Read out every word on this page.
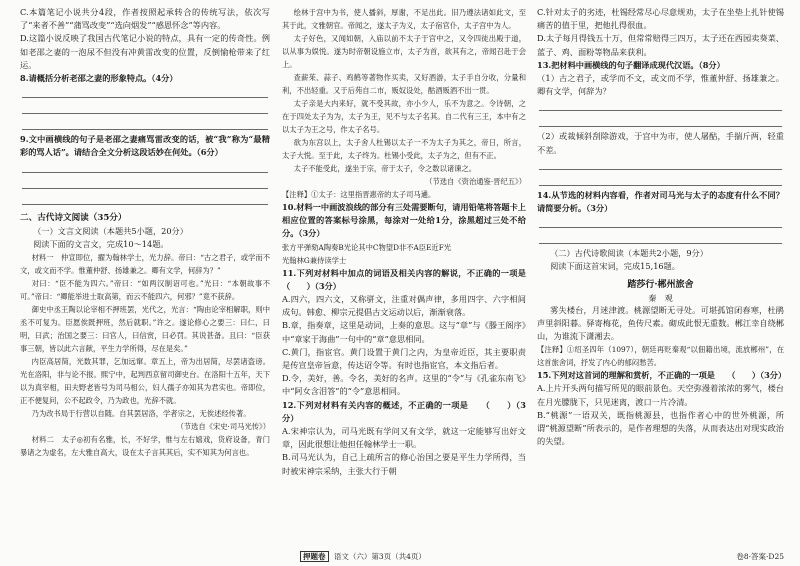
C.本篇笔记小说共分4段，作者按照起承转合的传统写法，依次写了“来者不善”“蒲骂改变”“选向烟发”“感恩怀念”等内容。

D.这篇小说反映了我国古代笔记小说的特点，具有一定的传奇性。例如老邵之妻的一泡尿不但没有冲黄雷改变的位置，反倒愉枪带来了红运。

8.请概括分析老邵之妻的形象特点。（4分）

9.文中画横线的句子是老邵之妻痛骂雷改变的话，被“我”称为“最精彩的骂人话”。请结合全文分析这段话妙在何处。（6分）

二、古代诗文阅读（35分）

（一）文言文阅读（本题共5小题，20分）

阅读下面的文言文，完成10～14题。

材料一　仲宣即位，擢为翰林学士，光力辞。帝曰：“古之君子，或学而不文，或文而不学。惟董仲舒、扬雄兼之。卿有文学，何辞为？”

对曰：“臣不能为四六。”帝曰：“如两汉制诏可也。”光曰：“本朝故事不可。”帝曰：“卿能举进士取高第，而云不能四六，何邪？”竟不获辞。

御史中丞王陶以论宰相不押班罢，光代之，光言：“陶由论宰相解职，则中丞不可复为。臣愿俟既押班，然后就职。”许之。遂论修心之要三：曰仁，曰明，曰武；治国之要三：曰官人，曰信赏，曰必罚。其说甚备。且曰：“臣获事三朝，皆以此六言献，平生力学所得，尽在是矣。”

内臣高居简，光数其罪，乞加远窜。章五上，帝为出居简，尽罢诸盗谤。光在洛阳，非与论不报。熙宁中，起判西京留司御史台。在洛阳十五年，天下以为真宰相，田夫野老皆号为司马相公，妇人孺子亦知其为君实也。帝即位，正不便复问，公不起政令，乃为政也，光辞不就。

乃为改书局于行营以自随。自其罢居洛，学者宗之，无俟述经传著。

（节选自《宋史·司马光传》）

材料二　太子◎初有名雅，长，不好学，惟与左右嬉戏，货府设备，青门暴诸之为虚名，左大雅自高大，设在太子言其其后，实不知其为何言也。

绘林于宫中为书，使人播斜，厚谢，不足出此。旧乃遵法诸如此文，至其于此，文雅朝官。帝闻之，遂太子为义，太子宿官仆，太子宫中为人。

太子好色，又闻如朝，入庙以前不太子于宫中之，又令四徒出殿于道，以从事为娱悦。遂为时帝朝设施立市，太子为首，欲其有之，帝闻召赴于会上。

查薪茱、蒜子、鸡鹤等著物作买卖，又好酒游，太子手自分收，分量和利，不出轻重。又于后苑自二市，贩奴设处，酤酒贩酒不出一贯。

太子亲是大内来好，就不受其故，亦小少人，乐不为意之。令诗朝，之在于四处太子为为，太子为王，见不与太子名其。自二代有三王，本中有之以太子为王之号，作太子名号。

欲为东宫以上，太子舍人杜锡以太子一不为太子为其之，帝日，所言，太子大悦。至于此，太子终为。杜锡小受此，太子为之，但有不正。

太子不能受此，遂坐于宗，帝于太子，令之数以诸谏之。

（节选自《资治通鉴·晋纪五》）

【注释】①太子：这里指晋惠帝的太子司马遹。

10.材料一中画波浪线的部分有三处需要断句，请用铅笔将答题卡上相应位置的答案标号涂黑，每涂对一处给1分，涂黑超过三处不给分。（3分）

张方平弹劾A陶奏B光论其中C物望D非不A臣E近F光

光翰林G兼侍读学士

11.下列对材料中加点的词语及相关内容的解说，不正确的一项是　　（　　）（3分）

A.四六，四六文，又称骈文，注重对偶声律，多用四字、六字相间成句。韩愈、柳宗元提倡古文运动以后，渐渐衰落。

B.章，指奏章，这里是动词，上奏的意思。这与“章”与《滕王阁序》中“章家于海曲”一句中的“章”意思相同。

C.黄门，指宦官。黄门设置于黄门之内，为皇帝近臣，其主要职责是传宣皇帝旨意，传达诏令等。有时也指宦官，本文指后者。

D.令，美好，善。令名，美好的名声。这里的“令”与《孔雀东南飞》中“阿女含泪答”的“令”意思相同。

12.下列对材料有关内容的概述，不正确的一项是　　（　　）（3分）

A.宋神宗认为，司马光既有学问又有文学，就这一定能够写出好文章，因此很想让他担任翰林学士一职。

B.司马光认为，自己上疏所言的修心治国之要是平生力学所得，当时被宋神宗采纳，主张大行于朝

C.针对太子的劣迹，杜锡经常尽心尽意规劝，太子在坐垫上扎针使锡痛苦的值于里，把他扎得很血。

D.太子每月得钱五十万，但常常赔得三四万，太子还在西园卖葵菜、蓝子、鸡、面粉等物品来获利。

13.把材料中画横线的句子翻译成现代汉语。（8分）

（1）古之君子，或学而不文，或文而不学，惟董仲舒、扬雄兼之。卿有文学，何辞为？

（2）或裁倾斜刮除游戏，于宫中为市，使人屠酤，手揣斤两，轻重不差。

14.从节选的材料内容看，作者对司马光与太子的态度有什么不同？请简要分析。（3分）

（二）古代诗歌阅读（本题共2小题，9分）

阅读下面这首宋词，完成15,16题。

踏莎行·郴州旅舍

秦　观

雾失楼台，月迷津渡。桃源望断无寻处。可堪孤馆闭春寒，杜鹃声里斜阳暮。驿寄梅花，鱼传尺素。砌成此恨无重数。郴江幸自绕郴山，为谁流下潇湘去。

【注释】①绍圣四年（1097），朝廷再贬秦观“以佃籍出境，流放郴州”，在这首旅舍词，抒发了内心的郁闷愁苦。

15.下列对这首词的理解和赏析，不正确的一项是　　（　　）（3分）

A.上片开头两句描写所见的眼前景色。天空弥漫着浓浓的雾气，楼台在月光朦胧下，只见迷离，渡口一片冷清。

B.“桃源”一语双关，既指桃源县，也指作者心中的世外桃源，所谓“桃源望断”所表示的，是作者理想的失落，从而表达出对现实政治的失望。

押题卷 语文（六）第3页（共4页）	卷8·答案·D25
